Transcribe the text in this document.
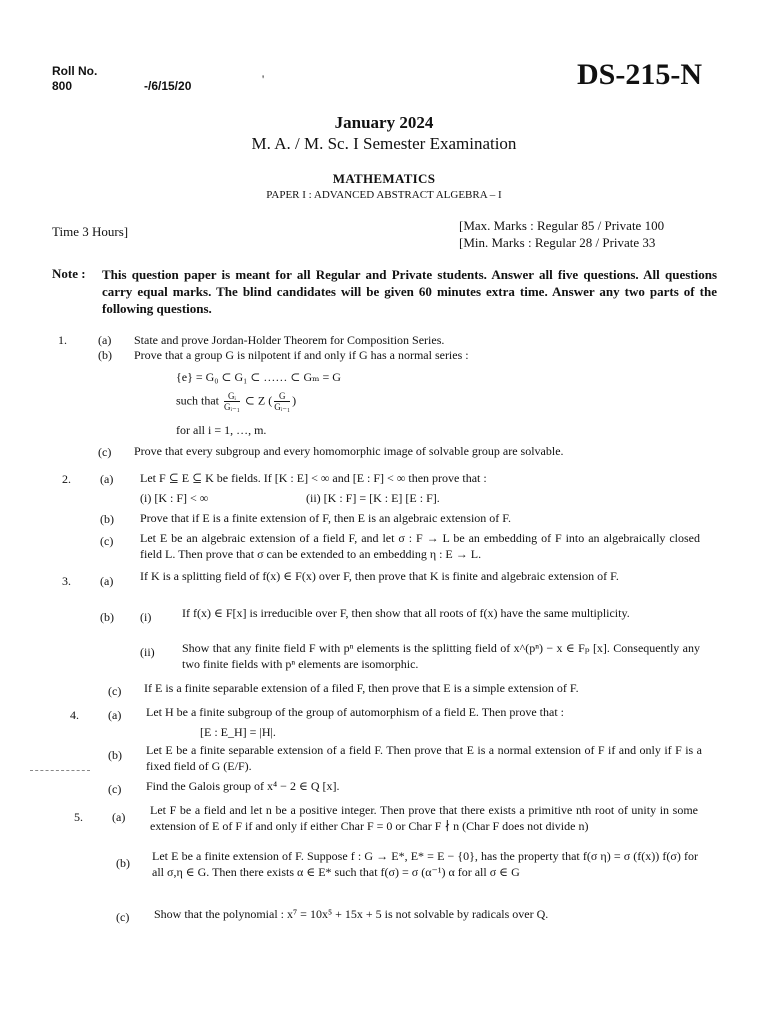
Roll No.
800	-/6/15/20	'	DS-215-N
January 2024
M. A. / M. Sc. I Semester Examination
MATHEMATICS
PAPER I : ADVANCED ABSTRACT ALGEBRA – I
Time 3 Hours]	[Max. Marks : Regular 85 / Private 100
[Min. Marks : Regular 28 / Private 33
Note : This question paper is meant for all Regular and Private students. Answer all five questions. All questions carry equal marks. The blind candidates will be given 60 minutes extra time. Answer any two parts of the following questions.
1.	(a) State and prove Jordan-Holder Theorem for Composition Series.
(b) Prove that a group G is nilpotent if and only if G has a normal series :
{e} = G₀ ⊂ G₁ ⊂ …… ⊂ Gₘ = G
such that $\frac{\text{Gᵢ}}{\text{Gᵢ₋₁}}$ ⊂ Z ( $\frac{G}{\text{Gᵢ₋₁}}$ )
for all i = 1, …, m.
(c) Prove that every subgroup and every homomorphic image of solvable group are solvable.
2. (a) Let F ⊆ E ⊆ K be fields. If [K : E] < ∞ and [E : F] < ∞ then prove that :
(i) [K : F] < ∞	(ii) [K : F] = [K : E] [E : F].
(b) Prove that if E is a finite extension of F, then E is an algebraic extension of F.
(c) Let E be an algebraic extension of a field F, and let σ : F → L be an embedding of F into an algebraically closed field L. Then prove that σ can be extended to an embedding η : E → L.
3. (a) If K is a splitting field of f(x) ∈ F(x) over F, then prove that K is finite and algebraic extension of F.
(b) (i)	If f(x) ∈ F[x] is irreducible over F, then show that all roots of f(x) have the same multiplicity.
(ii) Show that any finite field F with pⁿ elements is the splitting field of x^(pⁿ) − x ∈ Fₚ [x]. Consequently any two finite fields with pⁿ elements are isomorphic.
(c) If E is a finite separable extension of a filed F, then prove that E is a simple extension of F.
4. (a) Let H be a finite subgroup of the group of automorphism of a field E. Then prove that :
[E : E_H] = |H|.
(b) Let E be a finite separable extension of a field F. Then prove that E is a normal extension of F if and only if F is a fixed field of G (E/F).
(c) Find the Galois group of x⁴ − 2 ∈ Q [x].
5. (a) Let F be a field and let n be a positive integer. Then prove that there exists a primitive nth root of unity in some extension of E of F if and only if either Char F = 0 or Char F ∤ n (Char F does not divide n)
(b) Let E be a finite extension of F. Suppose f : G → E*, E* = E − {0}, has the property that f(σ η) = σ (f(x)) f(σ) for all σ,η ∈ G. Then there exists α ∈ E* such that f(σ) = σ (α⁻¹) α for all σ ∈ G
(c) Show that the polynomial : x⁷ = 10x⁵ + 15x + 5 is not solvable by radicals over Q.
